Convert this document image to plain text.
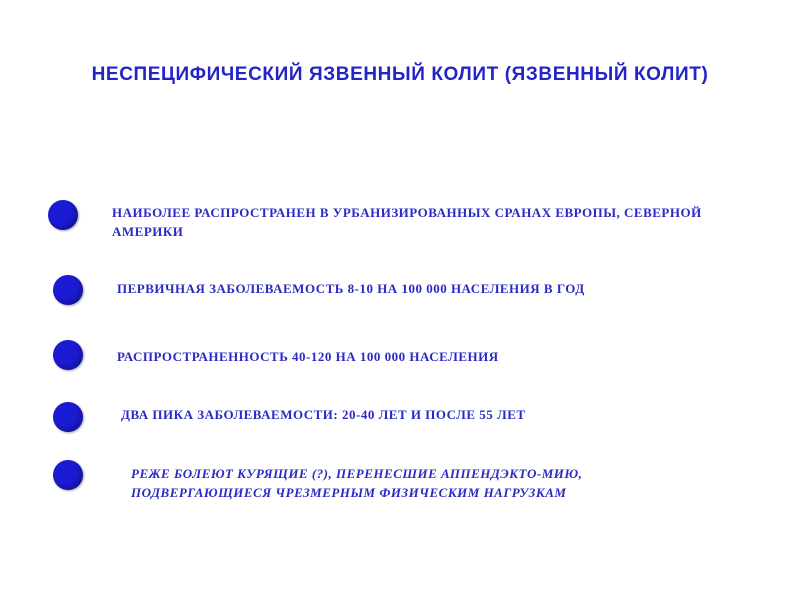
НЕСПЕЦИФИЧЕСКИЙ ЯЗВЕННЫЙ КОЛИТ (ЯЗВЕННЫЙ КОЛИТ)
НАИБОЛЕЕ РАСПРОСТРАНЕН В УРБАНИЗИРОВАННЫХ СРАНАХ ЕВРОПЫ, СЕВЕРНОЙ АМЕРИКИ
ПЕРВИЧНАЯ ЗАБОЛЕВАЕМОСТЬ 8-10 НА 100 000 НАСЕЛЕНИЯ В ГОД
РАСПРОСТРАНЕННОСТЬ 40-120 НА 100 000 НАСЕЛЕНИЯ
ДВА ПИКА ЗАБОЛЕВАЕМОСТИ: 20-40 ЛЕТ И ПОСЛЕ 55 ЛЕТ
РЕЖЕ БОЛЕЮТ КУРЯЩИЕ (?), ПЕРЕНЕСШИЕ АППЕНДЭКТО-МИЮ, ПОДВЕРГАЮЩИЕСЯ ЧРЕЗМЕРНЫМ ФИЗИЧЕСКИМ НАГРУЗКАМ
